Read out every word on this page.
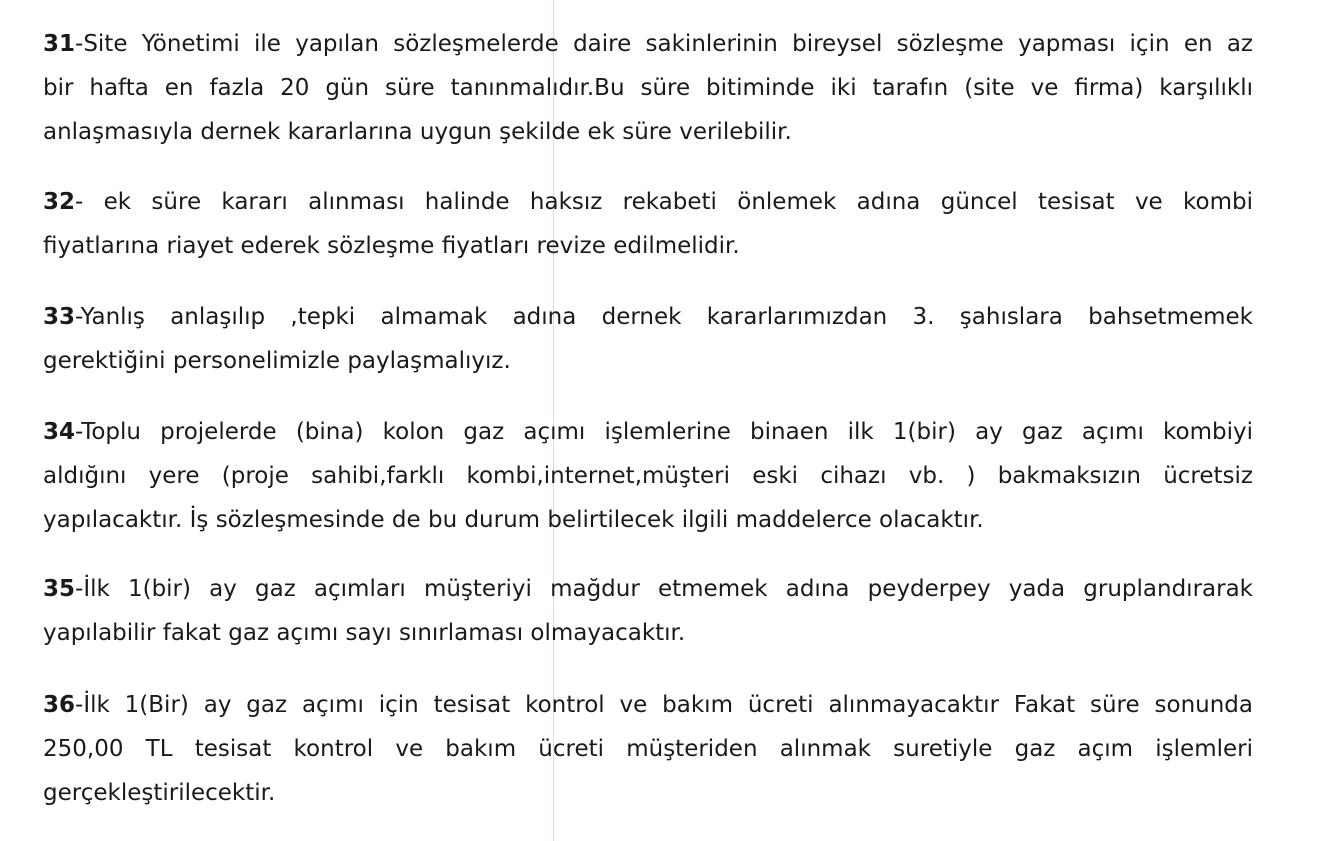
31-Site Yönetimi ile yapılan sözleşmelerde daire sakinlerinin bireysel sözleşme yapması için en az
bir hafta en fazla 20 gün süre tanınmalıdır.Bu süre bitiminde iki tarafın (site ve firma) karşılıklı
anlaşmasıyla dernek kararlarına uygun şekilde ek süre verilebilir.
32- ek süre kararı alınması halinde haksız rekabeti önlemek adına güncel tesisat ve kombi
fiyatlarına riayet ederek sözleşme fiyatları revize edilmelidir.
33-Yanlış anlaşılıp ,tepki almamak adına dernek kararlarımızdan 3. şahıslara bahsetmemek
gerektiğini personelimizle paylaşmalıyız.
34-Toplu projelerde (bina) kolon gaz açımı işlemlerine binaen ilk 1(bir) ay gaz açımı kombiyi
aldığını yere (proje sahibi,farklı kombi,internet,müşteri eski cihazı vb. ) bakmaksızın ücretsiz
yapılacaktır. İş sözleşmesinde de bu durum belirtilecek ilgili maddelerce olacaktır.
35-İlk 1(bir) ay gaz açımları müşteriyi mağdur etmemek adına peyderpey yada gruplandırarak
yapılabilir fakat gaz açımı sayı sınırlaması olmayacaktır.
36-İlk 1(Bir) ay gaz açımı için tesisat kontrol ve bakım ücreti alınmayacaktır Fakat süre sonunda
250,00 TL tesisat kontrol ve bakım ücreti müşteriden alınmak suretiyle gaz açım işlemleri
gerçekleştirilecektir.
